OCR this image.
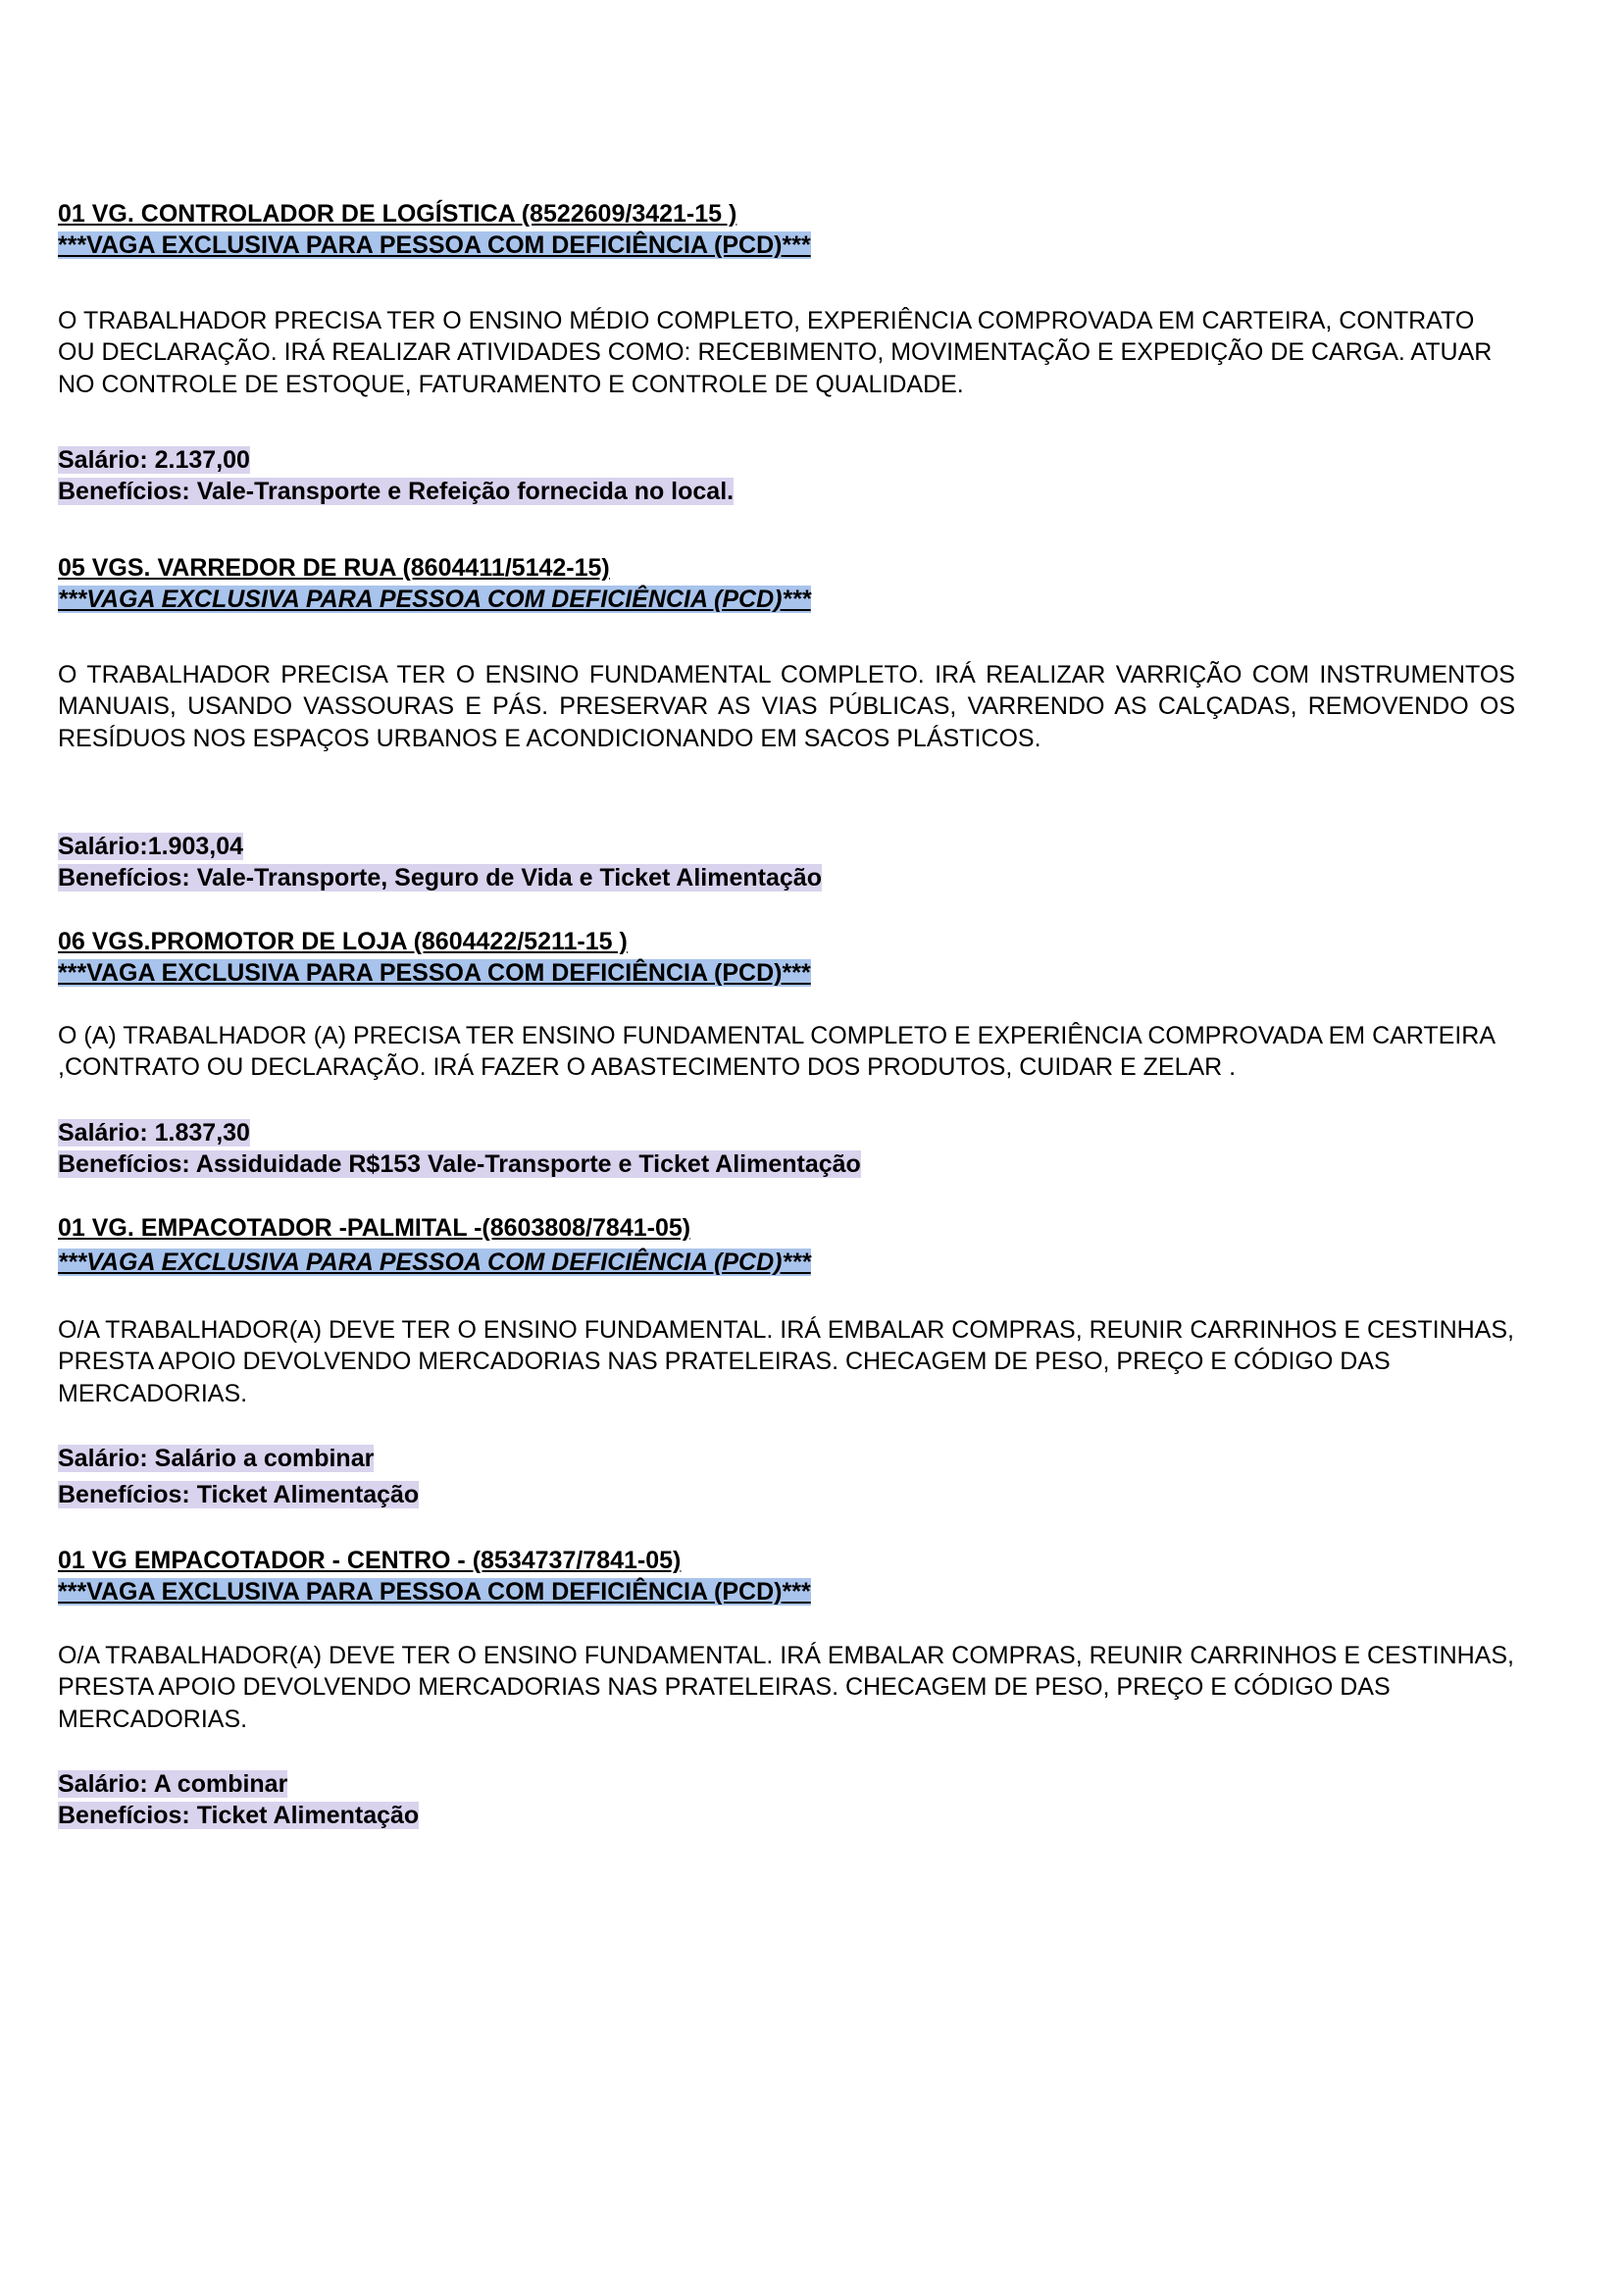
01 VG. CONTROLADOR DE LOGÍSTICA (8522609/3421-15 )
***VAGA EXCLUSIVA PARA PESSOA COM DEFICIÊNCIA (PCD)***
O TRABALHADOR PRECISA TER O ENSINO MÉDIO COMPLETO, EXPERIÊNCIA COMPROVADA EM CARTEIRA, CONTRATO OU DECLARAÇÃO. IRÁ REALIZAR ATIVIDADES COMO: RECEBIMENTO, MOVIMENTAÇÃO E EXPEDIÇÃO DE CARGA. ATUAR NO CONTROLE DE ESTOQUE, FATURAMENTO E CONTROLE DE QUALIDADE.
Salário: 2.137,00
Benefícios: Vale-Transporte e Refeição fornecida no local.
05 VGS. VARREDOR DE RUA (8604411/5142-15)
***VAGA EXCLUSIVA PARA PESSOA COM DEFICIÊNCIA (PCD)***
O TRABALHADOR PRECISA TER O ENSINO FUNDAMENTAL COMPLETO. IRÁ REALIZAR VARRIÇÃO COM INSTRUMENTOS MANUAIS, USANDO VASSOURAS E PÁS. PRESERVAR AS VIAS PÚBLICAS, VARRENDO AS CALÇADAS, REMOVENDO OS RESÍDUOS NOS ESPAÇOS URBANOS E ACONDICIONANDO EM SACOS PLÁSTICOS.
Salário:1.903,04
Benefícios: Vale-Transporte, Seguro de Vida e Ticket Alimentação
06 VGS.PROMOTOR DE LOJA (8604422/5211-15 )
***VAGA EXCLUSIVA PARA PESSOA COM DEFICIÊNCIA (PCD)***
O (A) TRABALHADOR (A) PRECISA TER ENSINO FUNDAMENTAL COMPLETO E EXPERIÊNCIA COMPROVADA EM CARTEIRA ,CONTRATO OU DECLARAÇÃO. IRÁ FAZER O ABASTECIMENTO DOS PRODUTOS, CUIDAR E ZELAR .
Salário: 1.837,30
Benefícios: Assiduidade R$153 Vale-Transporte e Ticket Alimentação
01 VG. EMPACOTADOR -PALMITAL -(8603808/7841-05)
***VAGA EXCLUSIVA PARA PESSOA COM DEFICIÊNCIA (PCD)***
O/A TRABALHADOR(A) DEVE TER O ENSINO FUNDAMENTAL. IRÁ EMBALAR COMPRAS, REUNIR CARRINHOS E CESTINHAS, PRESTA APOIO DEVOLVENDO MERCADORIAS NAS PRATELEIRAS. CHECAGEM DE PESO, PREÇO E CÓDIGO DAS MERCADORIAS.
Salário: Salário a combinar
Benefícios: Ticket Alimentação
01 VG EMPACOTADOR - CENTRO - (8534737/7841-05)
***VAGA EXCLUSIVA PARA PESSOA COM DEFICIÊNCIA (PCD)***
O/A TRABALHADOR(A) DEVE TER O ENSINO FUNDAMENTAL. IRÁ EMBALAR COMPRAS, REUNIR CARRINHOS E CESTINHAS, PRESTA APOIO DEVOLVENDO MERCADORIAS NAS PRATELEIRAS. CHECAGEM DE PESO, PREÇO E CÓDIGO DAS MERCADORIAS.
Salário: A combinar
Benefícios: Ticket Alimentação
